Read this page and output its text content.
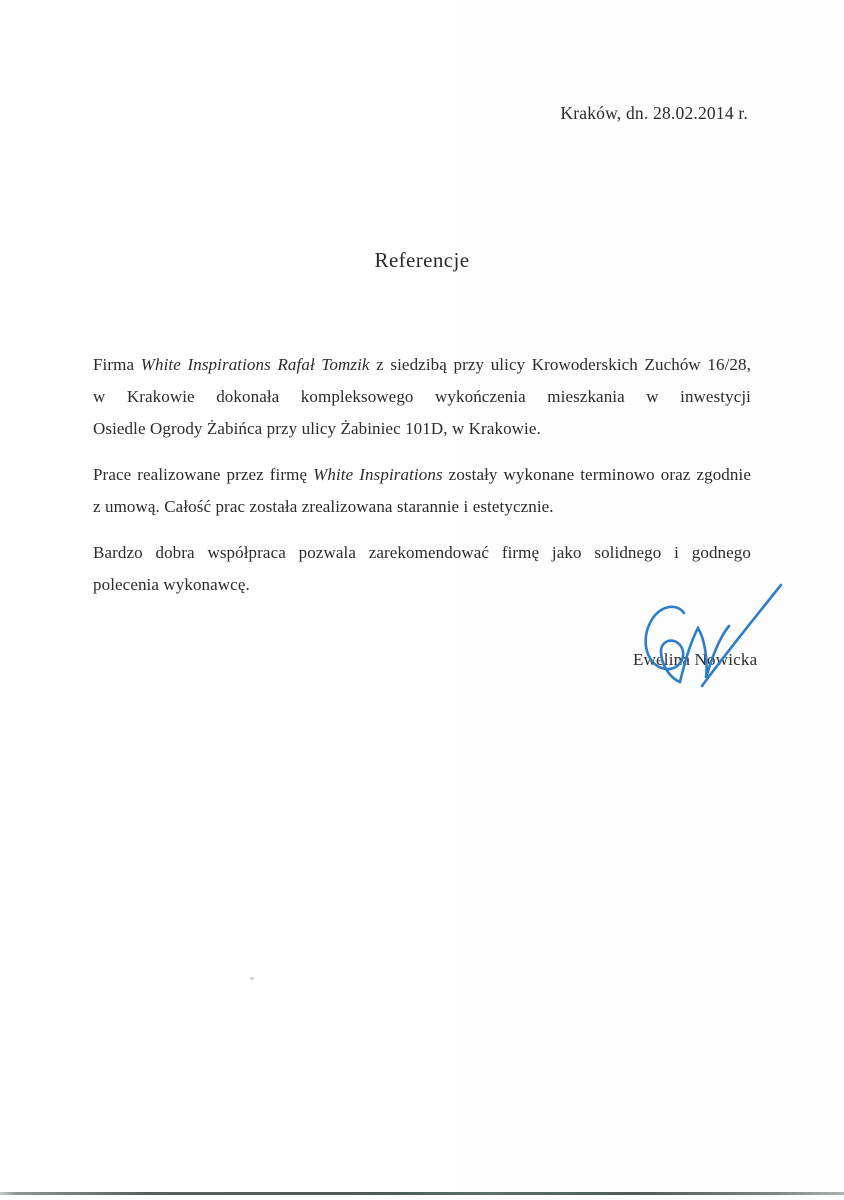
Kraków, dn. 28.02.2014 r.
Referencje
Firma White Inspirations Rafał Tomzik z siedzibą przy ulicy Krowoderskich Zuchów 16/28,
w Krakowie dokonała kompleksowego wykończenia mieszkania w inwestycji
Osiedle Ogrody Żabińca przy ulicy Żabiniec 101D, w Krakowie.
Prace realizowane przez firmę White Inspirations zostały wykonane terminowo oraz zgodnie
z umową. Całość prac została zrealizowana starannie i estetycznie.
Bardzo dobra współpraca pozwala zarekomendować firmę jako solidnego i godnego
polecenia wykonawcę.
Ewelina Nowicka
